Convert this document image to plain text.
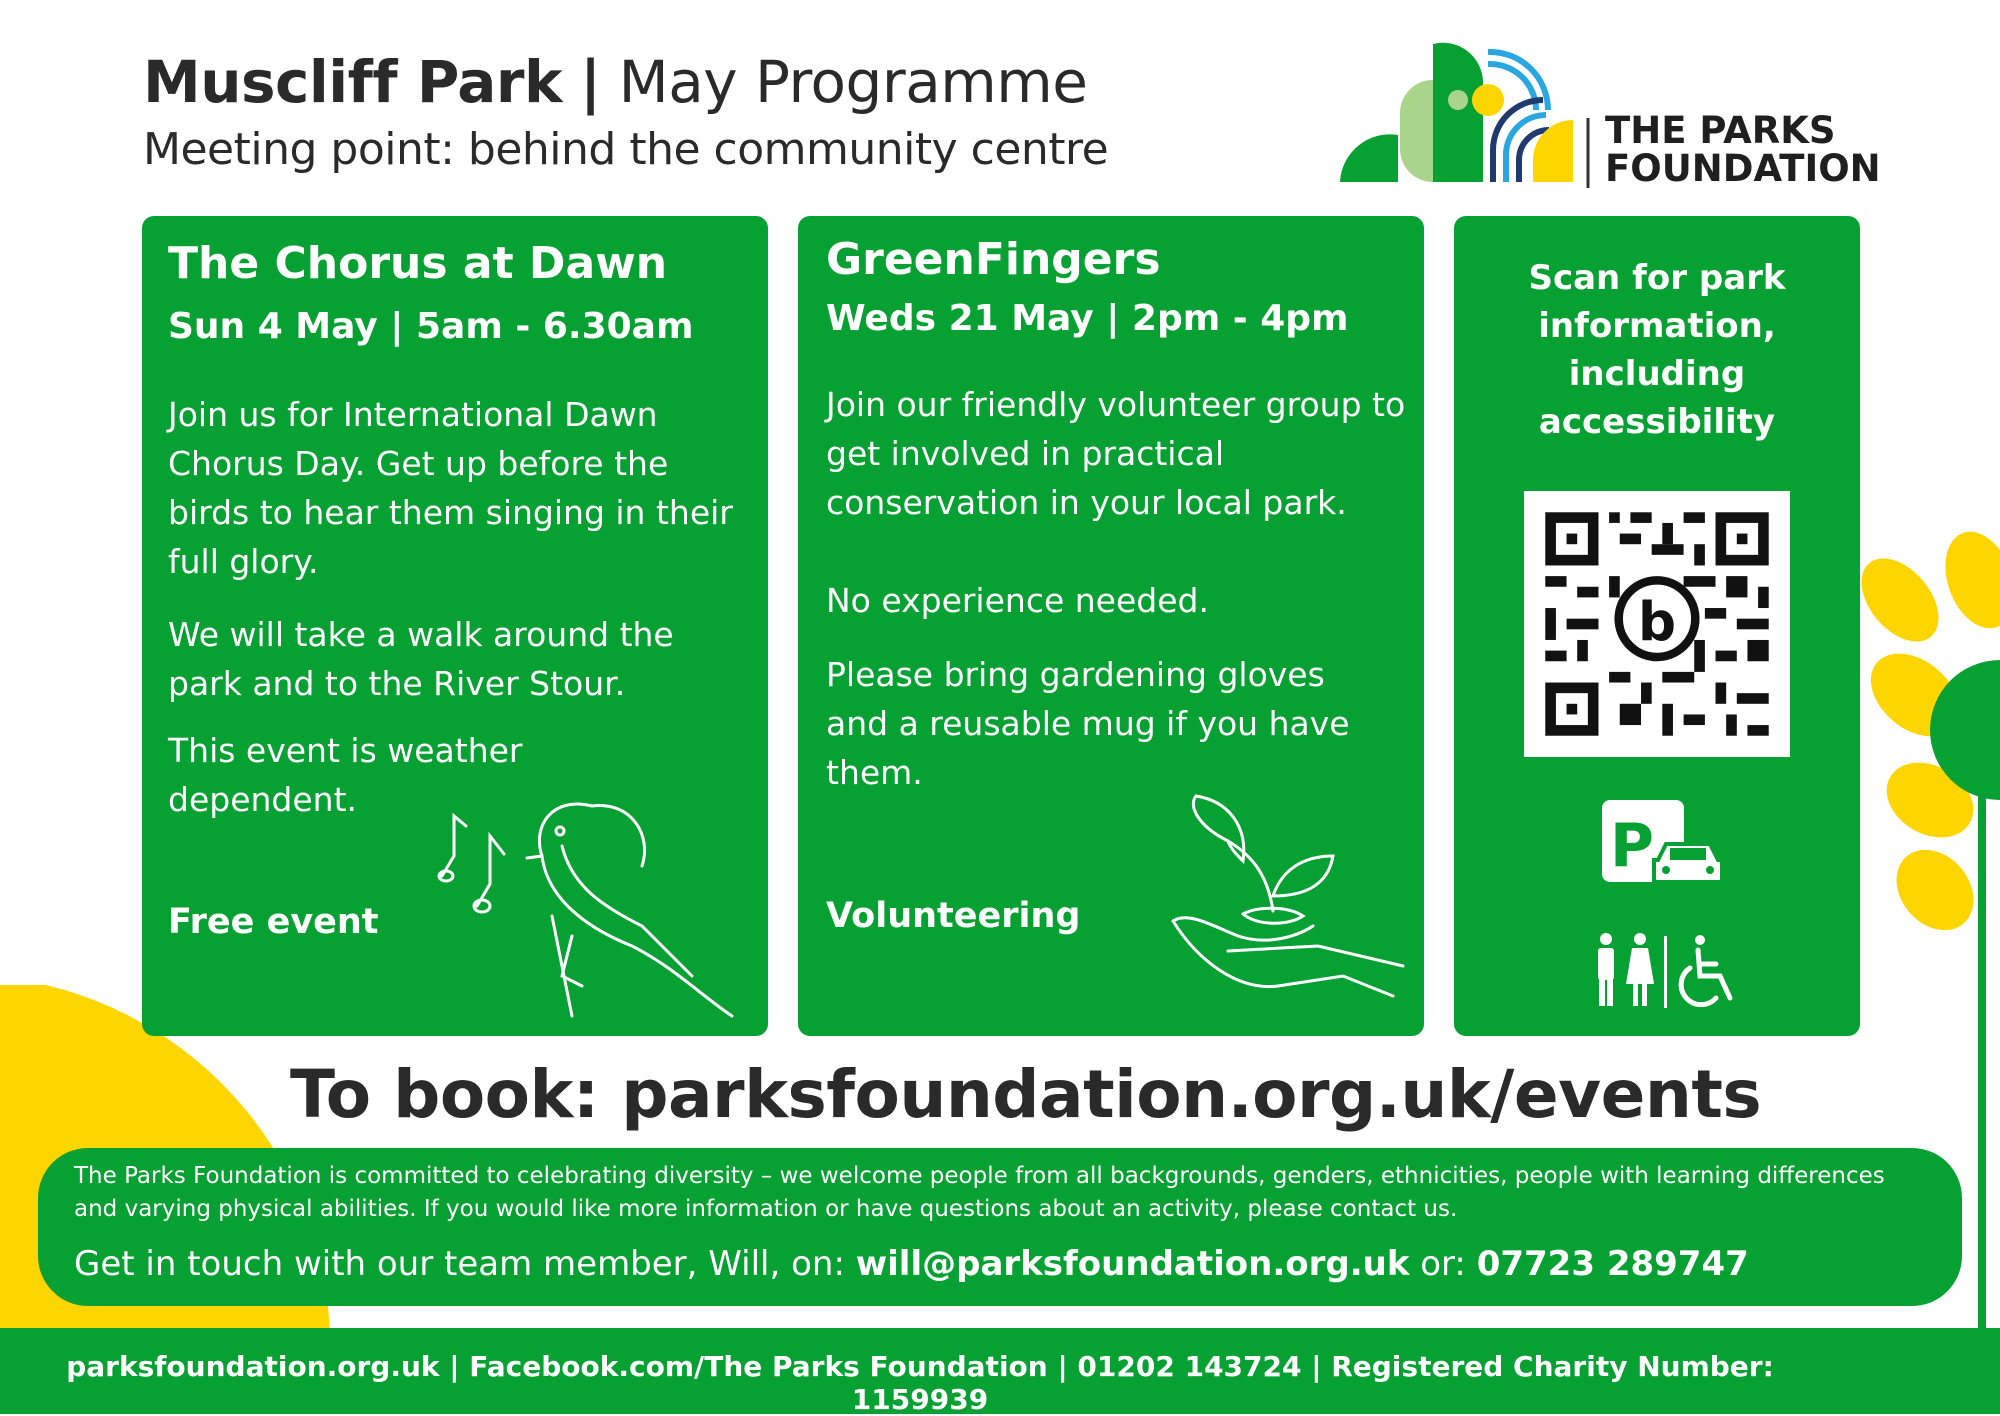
Muscliff Park | May Programme
Meeting point: behind the community centre	THE PARKS
FOUNDATION
The Chorus at Dawn
Sun 4 May | 5am - 6.30am

Join us for International Dawn Chorus Day. Get up before the birds to hear them singing in their full glory.

We will take a walk around the park and to the River Stour.

This event is weather dependent.

Free event
GreenFingers
Weds 21 May | 2pm - 4pm

Join our friendly volunteer group to get involved in practical conservation in your local park.

No experience needed.

Please bring gardening gloves and a reusable mug if you have them.

Volunteering
Scan for park information, including accessibility
b
P
To book: parksfoundation.org.uk/events
The Parks Foundation is committed to celebrating diversity – we welcome people from all backgrounds, genders, ethnicities, people with learning differences and varying physical abilities. If you would like more information or have questions about an activity, please contact us.
Get in touch with our team member, Will, on: will@parksfoundation.org.uk or: 07723 289747
parksfoundation.org.uk | Facebook.com/The Parks Foundation | 01202 143724 | Registered Charity Number: 1159939
